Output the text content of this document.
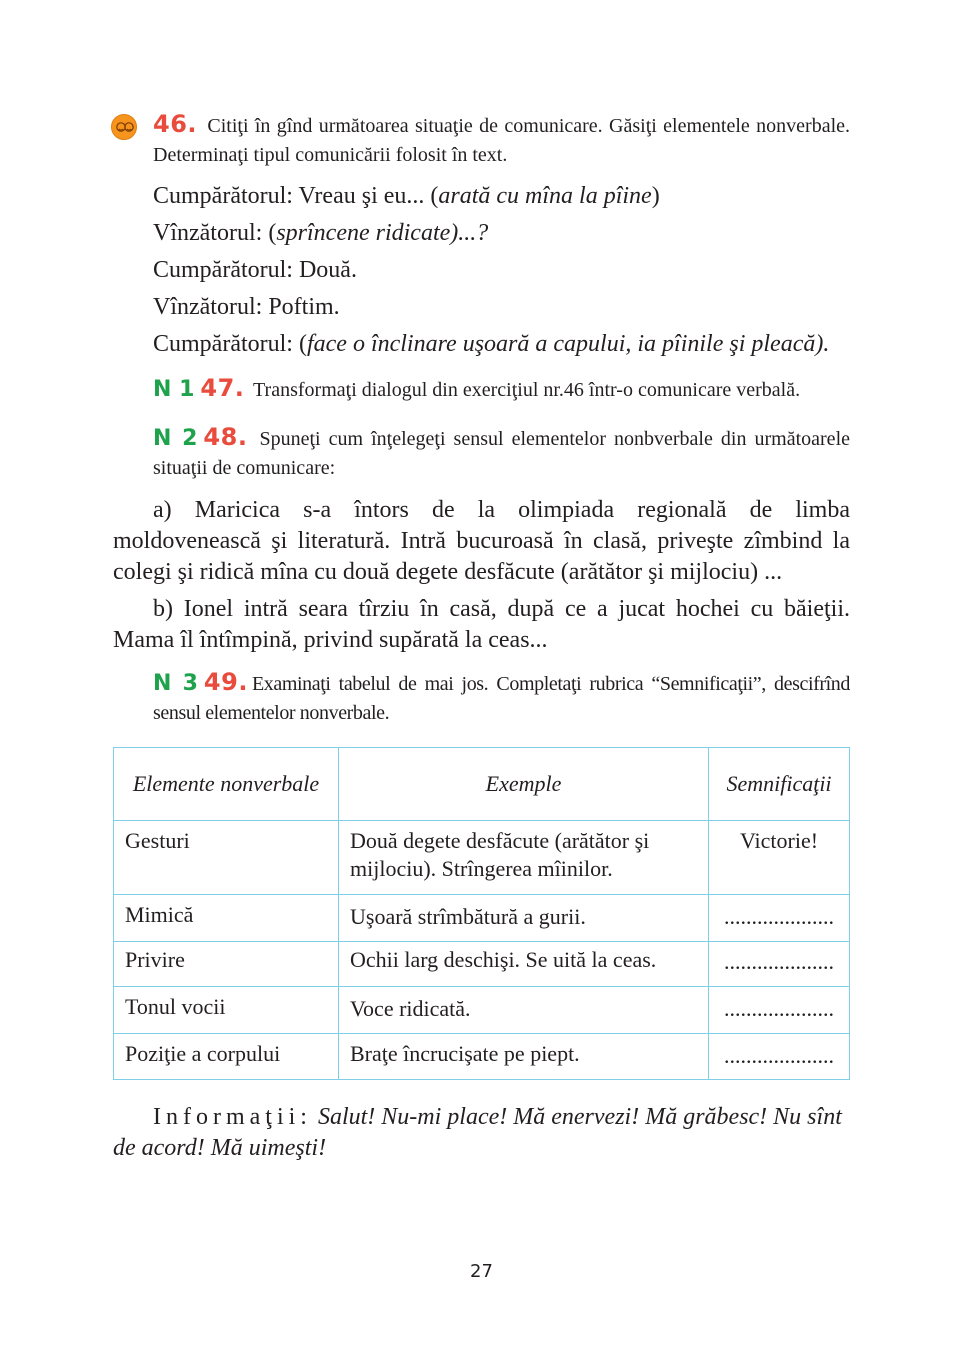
46. Citiţi în gînd următoarea situaţie de comunicare. Găsiţi elementele nonverbale. Determinaţi tipul comunicării folosit în text.

Cumpărătorul: Vreau şi eu... (arată cu mîna la pîine)

Vînzătorul: (sprîncene ridicate)...?

Cumpărătorul: Două.

Vînzătorul: Poftim.

Cumpărătorul: (face o înclinare uşoară a capului, ia pîinile şi pleacă).

N 1 47. Transformaţi dialogul din exerciţiul nr.46 într-o comunicare verbală.

N 2 48. Spuneţi cum înţelegeţi sensul elementelor nonbverbale din următoarele situaţii de comunicare:

a) Maricica s-a întors de la olimpiada regională de limba moldovenească şi literatură. Intră bucuroasă în clasă, priveşte zîmbind la colegi şi ridică mîna cu două degete desfăcute (arătător şi mijlociu) ...

b) Ionel intră seara tîrziu în casă, după ce a jucat hochei cu băieţii. Mama îl întîmpină, privind supărată la ceas...

N 3 49. Examinaţi tabelul de mai jos. Completaţi rubrica “Semnificaţii”, descifrînd sensul elementelor nonverbale.

Elemente nonverbale	Exemple	Semnificaţii
Gesturi	Două degete desfăcute (arătător şi mijlociu). Strîngerea mîinilor.	Victorie!
Mimică	Uşoară strîmbătură a gurii.	....................
Privire	Ochii larg deschişi. Se uită la ceas.	....................
Tonul vocii	Voce ridicată.	....................
Poziţie a corpului	Braţe încrucişate pe piept.	....................

Informaţii: Salut! Nu-mi place! Mă enervezi! Mă grăbesc! Nu sînt de acord! Mă uimeşti!

27
